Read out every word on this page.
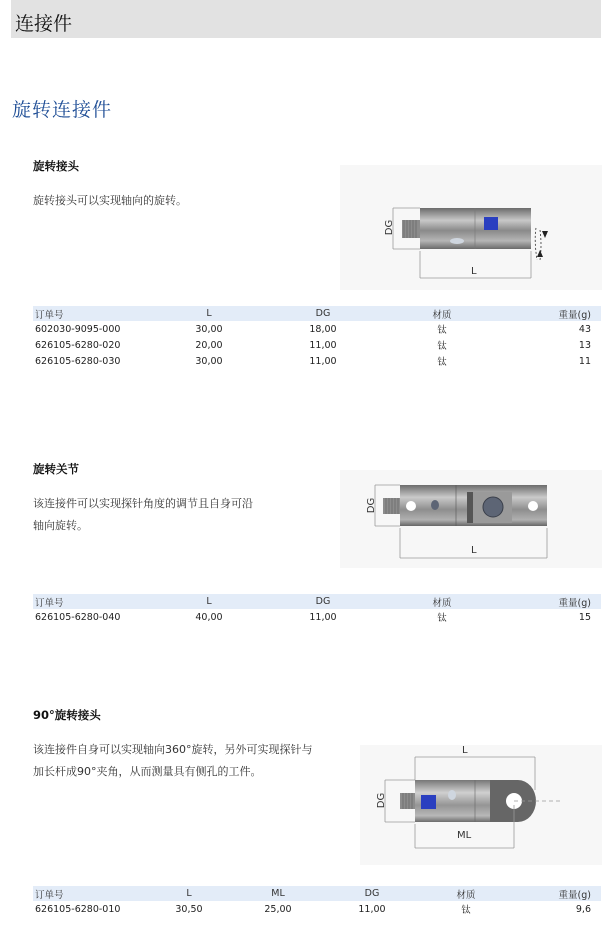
连接件
旋转连接件
旋转接头
旋转接头可以实现轴向的旋转。
DG
L
订单号	L	DG	材质	重量(g)
602030-9095-000	30,00	18,00	钛	43
626105-6280-020	20,00	11,00	钛	13
626105-6280-030	30,00	11,00	钛	11
旋转关节
该连接件可以实现探针角度的调节且自身可沿
轴向旋转。
DG
L
订单号	L	DG	材质	重量(g)
626105-6280-040	40,00	11,00	钛	15
90°旋转接头
该连接件自身可以实现轴向360°旋转，另外可实现探针与
加长杆成90°夹角，从而测量具有侧孔的工件。
L
DG
ML
订单号	L	ML	DG	材质	重量(g)
626105-6280-010	30,50	25,00	11,00	钛	9,6
